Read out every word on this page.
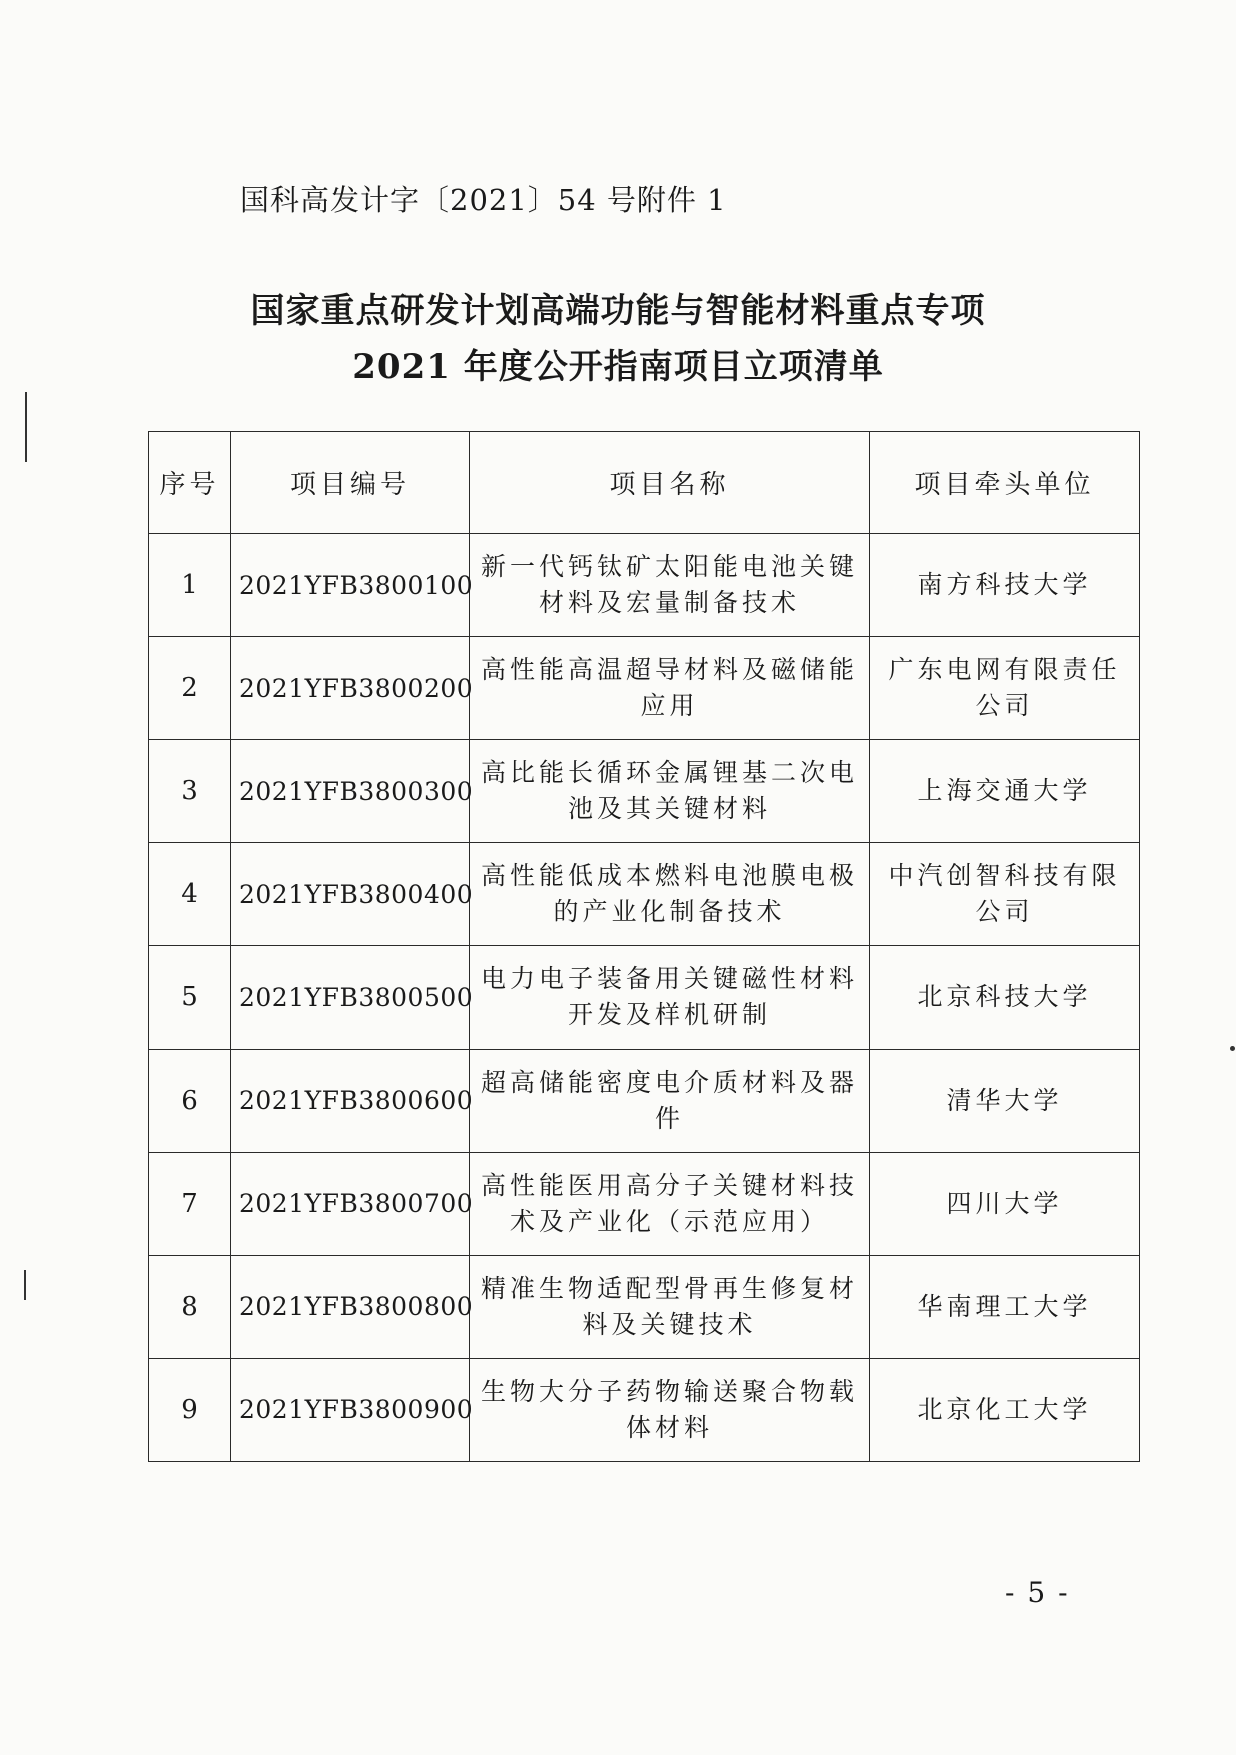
国科高发计字〔2021〕54 号附件 1
国家重点研发计划高端功能与智能材料重点专项
2021 年度公开指南项目立项清单
序号	项目编号	项目名称	项目牵头单位
1	2021YFB3800100	新一代钙钛矿太阳能电池关键材料及宏量制备技术	南方科技大学
2	2021YFB3800200	高性能高温超导材料及磁储能应用	广东电网有限责任公司
3	2021YFB3800300	高比能长循环金属锂基二次电池及其关键材料	上海交通大学
4	2021YFB3800400	高性能低成本燃料电池膜电极的产业化制备技术	中汽创智科技有限公司
5	2021YFB3800500	电力电子装备用关键磁性材料开发及样机研制	北京科技大学
6	2021YFB3800600	超高储能密度电介质材料及器件	清华大学
7	2021YFB3800700	高性能医用高分子关键材料技术及产业化（示范应用）	四川大学
8	2021YFB3800800	精准生物适配型骨再生修复材料及关键技术	华南理工大学
9	2021YFB3800900	生物大分子药物输送聚合物载体材料	北京化工大学
- 5 -
